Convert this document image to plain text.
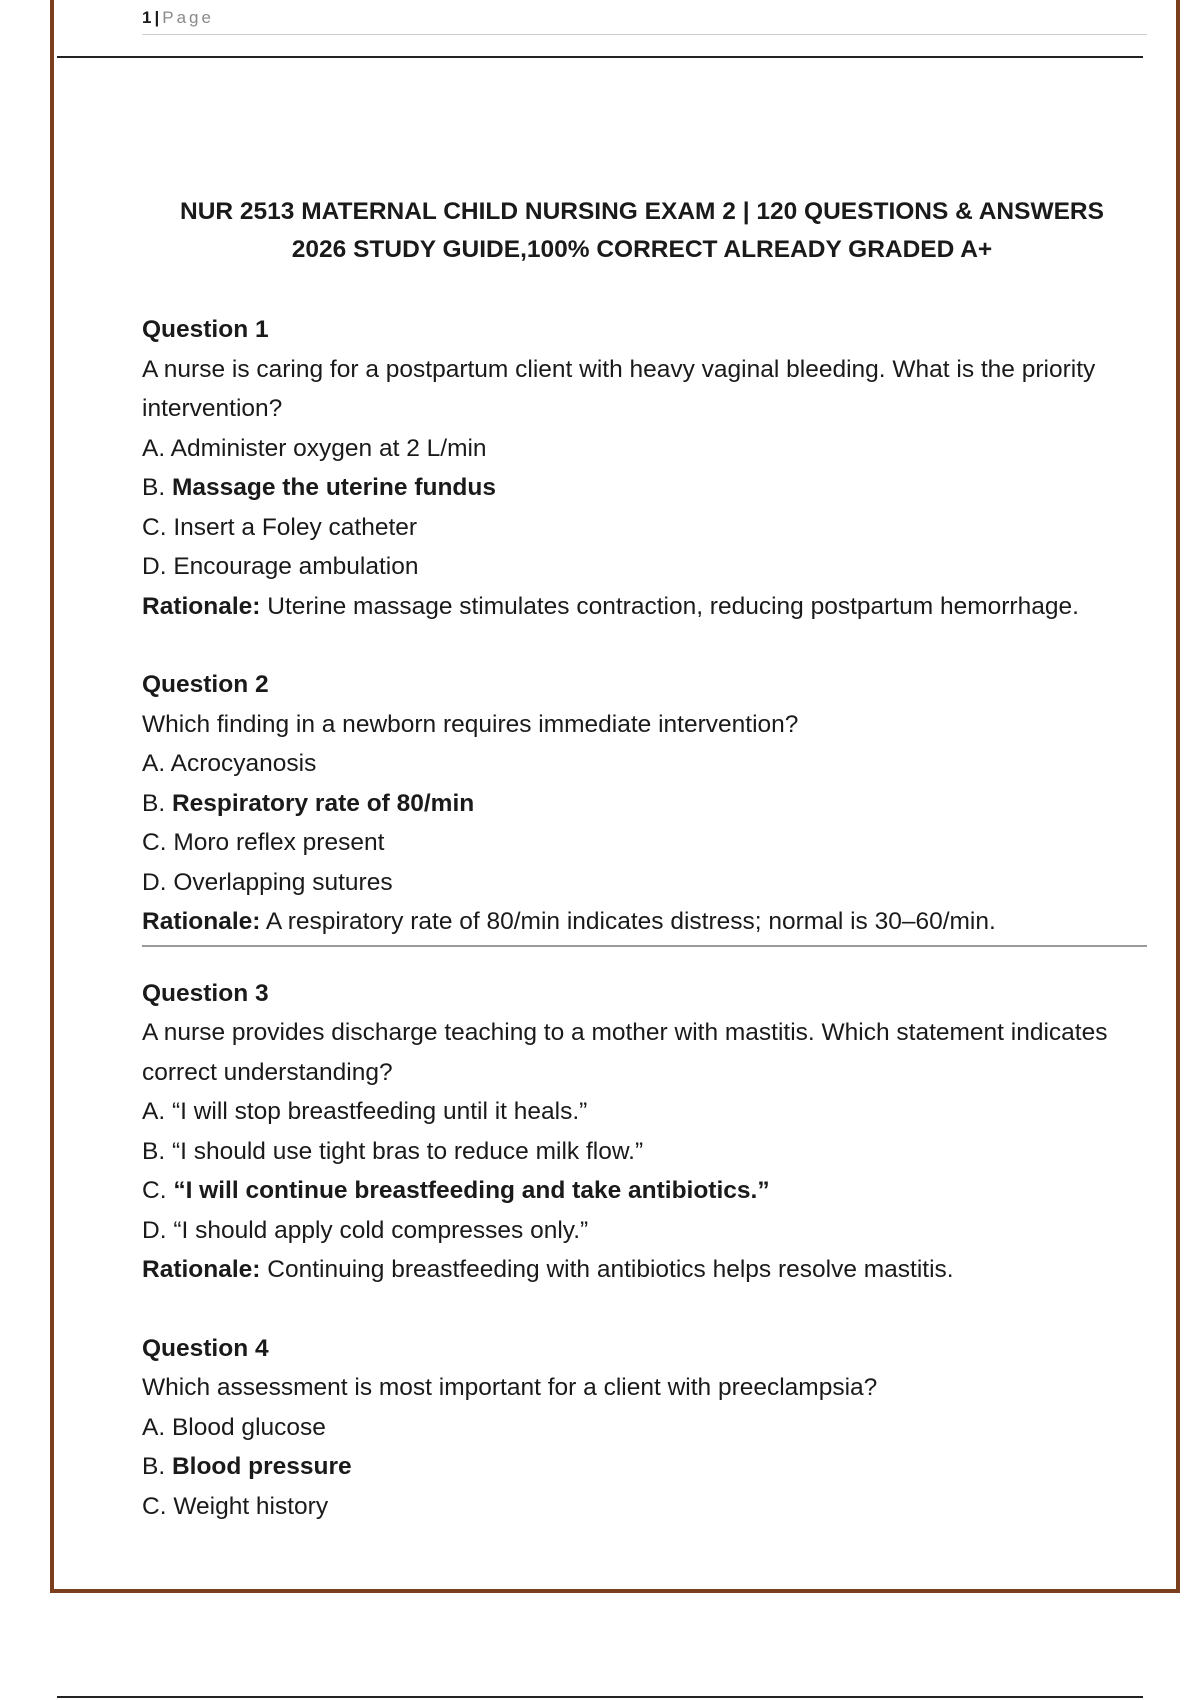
1 | Page
NUR 2513 MATERNAL CHILD NURSING EXAM 2 | 120 QUESTIONS & ANSWERS
2026 STUDY GUIDE,100% CORRECT ALREADY GRADED A+
Question 1
A nurse is caring for a postpartum client with heavy vaginal bleeding. What is the priority intervention?
A. Administer oxygen at 2 L/min
B. Massage the uterine fundus
C. Insert a Foley catheter
D. Encourage ambulation
Rationale: Uterine massage stimulates contraction, reducing postpartum hemorrhage.
Question 2
Which finding in a newborn requires immediate intervention?
A. Acrocyanosis
B. Respiratory rate of 80/min
C. Moro reflex present
D. Overlapping sutures
Rationale: A respiratory rate of 80/min indicates distress; normal is 30–60/min.
Question 3
A nurse provides discharge teaching to a mother with mastitis. Which statement indicates correct understanding?
A. “I will stop breastfeeding until it heals.”
B. “I should use tight bras to reduce milk flow.”
C. “I will continue breastfeeding and take antibiotics.”
D. “I should apply cold compresses only.”
Rationale: Continuing breastfeeding with antibiotics helps resolve mastitis.
Question 4
Which assessment is most important for a client with preeclampsia?
A. Blood glucose
B. Blood pressure
C. Weight history
